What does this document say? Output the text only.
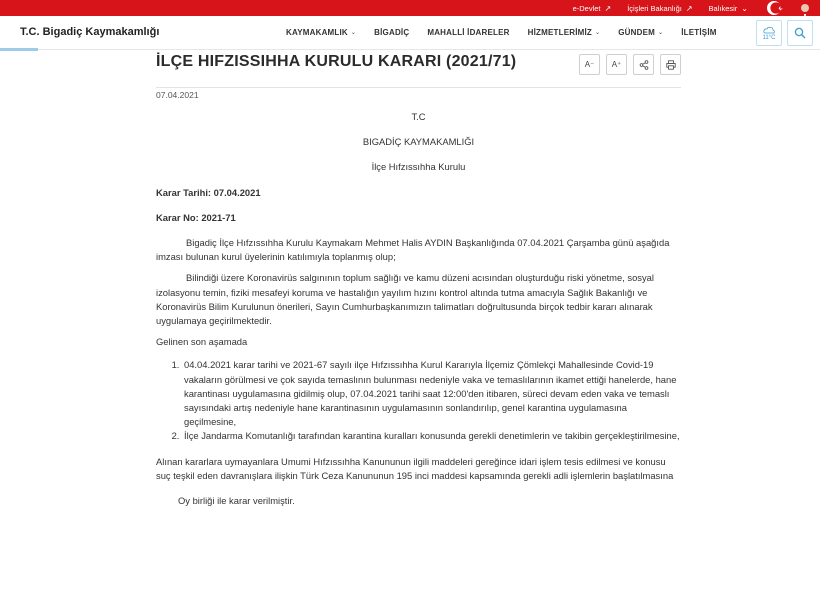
e-Devlet ↗ İçişleri Bakanlığı ↗ Balıkesir ⌄
T.C. Bigadiç Kaymakamlığı	KAYMAKAMLIK ⌄ BİGADİÇ MAHALLİ İDARELER HİZMETLERİMİZ ⌄ GÜNDEM ⌄ İLETİŞİM
11°C
İLÇE HIFZISSIHHA KURULU KARARI (2021/71)	A⁻ A⁺
07.04.2021

T.C

BIGADİÇ KAYMAKAMLIĞI

İlçe Hıfzıssıhha Kurulu

Karar Tarihi: 07.04.2021

Karar No: 2021-71

Bigadiç İlçe Hıfzıssıhha Kurulu Kaymakam Mehmet Halis AYDIN Başkanlığında 07.04.2021 Çarşamba günü aşağıda imzası bulunan kurul üyelerinin katılımıyla toplanmış olup;

Bilindiği üzere Koronavirüs salgınının toplum sağlığı ve kamu düzeni acısından oluşturduğu riski yönetme, sosyal izolasyonu temin, fiziki mesafeyi koruma ve hastalığın yayılım hızını kontrol altında tutma amacıyla Sağlık Bakanlığı ve Koronavirüs Bilim Kurulunun önerileri, Sayın Cumhurbaşkanımızın talimatları doğrultusunda birçok tedbir kararı alınarak uygulamaya geçirilmektedir.

Gelinen son aşamada

1. 04.04.2021 karar tarihi ve 2021-67 sayılı ilçe Hıfzıssıhha Kurul Kararıyla İlçemiz Çömlekçi Mahallesinde Covid-19 vakaların görülmesi ve çok sayıda temaslının bulunması nedeniyle vaka ve temaslılarının ikamet ettiği hanelerde, hane karantinası uygulamasına gidilmiş olup, 07.04.2021 tarihi saat 12:00'den itibaren, süreci devam eden vaka ve temaslı sayısındaki artış nedeniyle hane karantinasının uygulamasının sonlandırılıp, genel karantina uygulamasına geçilmesine,
2. İlçe Jandarma Komutanlığı tarafından karantina kuralları konusunda gerekli denetimlerin ve takibin gerçekleştirilmesine,

Alınan kararlara uymayanlara Umumi Hıfzıssıhha Kanununun ilgili maddeleri gereğince idari işlem tesis edilmesi ve konusu suç teşkil eden davranışlara ilişkin Türk Ceza Kanununun 195 inci maddesi kapsamında gerekli adli işlemlerin başlatılmasına

Oy birliği ile karar verilmiştir.
